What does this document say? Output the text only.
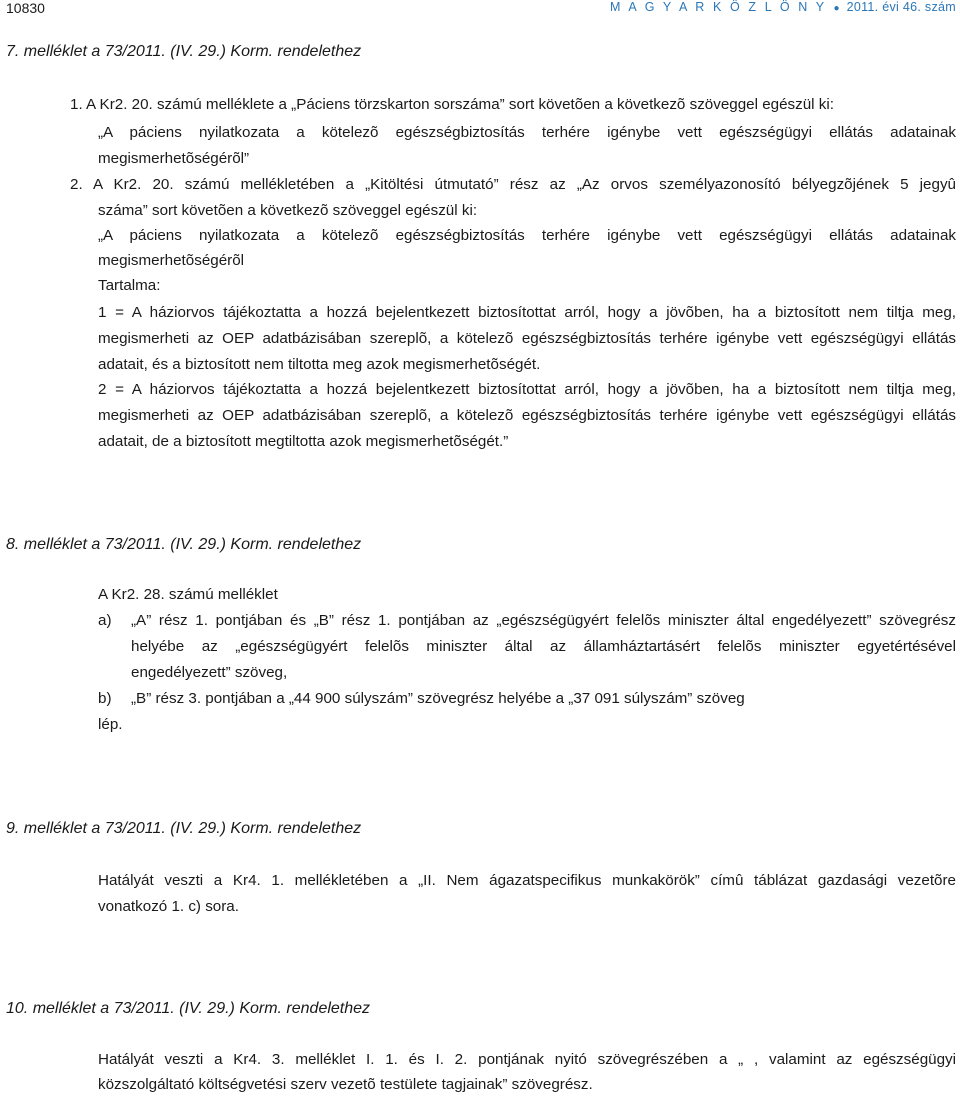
10830	M A G Y A R K Ö Z L Ö N Y ● 2011. évi 46. szám
7. melléklet a 73/2011. (IV. 29.) Korm. rendelethez
1. A Kr2. 20. számú melléklete a „Páciens törzskarton sorszáma” sort követõen a következõ szöveggel egészül ki:
„A páciens nyilatkozata a kötelezõ egészségbiztosítás terhére igénybe vett egészségügyi ellátás adatainak
megismerhetõségérõl”
2. A Kr2. 20. számú mellékletében a „Kitöltési útmutató” rész az „Az orvos személyazonosító bélyegzõjének 5 jegyû
száma” sort követõen a következõ szöveggel egészül ki:
„A páciens nyilatkozata a kötelezõ egészségbiztosítás terhére igénybe vett egészségügyi ellátás adatainak
megismerhetõségérõl
Tartalma:
1 = A háziorvos tájékoztatta a hozzá bejelentkezett biztosítottat arról, hogy a jövõben, ha a biztosított nem tiltja meg,
megismerheti az OEP adatbázisában szereplõ, a kötelezõ egészségbiztosítás terhére igénybe vett egészségügyi ellátás
adatait, és a biztosított nem tiltotta meg azok megismerhetõségét.
2 = A háziorvos tájékoztatta a hozzá bejelentkezett biztosítottat arról, hogy a jövõben, ha a biztosított nem tiltja meg,
megismerheti az OEP adatbázisában szereplõ, a kötelezõ egészségbiztosítás terhére igénybe vett egészségügyi ellátás
adatait, de a biztosított megtiltotta azok megismerhetõségét.”
8. melléklet a 73/2011. (IV. 29.) Korm. rendelethez
A Kr2. 28. számú melléklet
a) „A” rész 1. pontjában és „B” rész 1. pontjában az „egészségügyért felelõs miniszter által engedélyezett” szövegrész
helyébe az „egészségügyért felelõs miniszter által az államháztartásért felelõs miniszter egyetértésével
engedélyezett” szöveg,
b) „B” rész 3. pontjában a „44 900 súlyszám” szövegrész helyébe a „37 091 súlyszám” szöveg
lép.
9. melléklet a 73/2011. (IV. 29.) Korm. rendelethez
Hatályát veszti a Kr4. 1. mellékletében a „II. Nem ágazatspecifikus munkakörök” címû táblázat gazdasági vezetõre
vonatkozó 1. c) sora.
10. melléklet a 73/2011. (IV. 29.) Korm. rendelethez
Hatályát veszti a Kr4. 3. melléklet I. 1. és I. 2. pontjának nyitó szövegrészében a „ , valamint az egészségügyi
közszolgáltató költségvetési szerv vezetõ testülete tagjainak” szövegrész.
